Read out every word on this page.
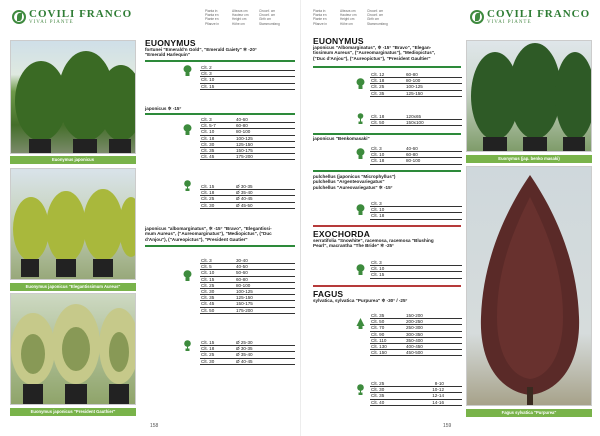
COVILI FRANCO
VIVAI PIANTE
Pianta in
Pianta en
Plante en
Pflanze in
Altezza cm
Hauteur cm
Height cm
Höhe cm
Circonf. cm
Circonf. cm
Girth cm
Stammumfang
Euonymus japonicus
Euonymus japonicus "Elegantissimum Aureus"
Euonymus japonicus "President Gauthier"
EUONYMUS
fortunei "Emerald'n Gold", "Emerald Gaiety" ✲ -20°
"Emerald Harlequin"
Clt. 2
Clt. 3
Clt. 10
Clt. 15
japonicus ✲ -15°
Clt. 3	40-60
Clt. 5-7	60-80
Clt. 10	80-100
Clt. 18	100-125
Clt. 30	125-150
Clt. 35	150-175
Clt. 45	175-200
Clt. 15	Ø 30-35
Clt. 18	Ø 35-40
Clt. 25	Ø 40-45
Clt. 30	Ø 45-50
japonicus "albomarginatus", ✲ -15° "Bravo", "Elegantissi-
mum Aureus", ("Aureomarginatus"), "Mediopictus", ("Duc
d'Anjou"), ("Aureopictus"), "President Gautier"
Clt. 3	30-40
Clt. 5	40-50
Clt. 10	50-60
Clt. 15	60-80
Clt. 25	80-100
Clt. 30	100-125
Clt. 35	125-150
Clt. 45	150-175
Clt. 50	175-200
Clt. 15	Ø 25-30
Clt. 18	Ø 30-35
Clt. 25	Ø 35-40
Clt. 30	Ø 40-45
158
Pianta in
Pianta en
Plante en
Pflanze in
Altezza cm
Hauteur cm
Height cm
Höhe cm
Circonf. cm
Circonf. cm
Girth cm
Stammumfang
COVILI FRANCO
VIVAI PIANTE
EUONYMUS
japonicus "Albomarginatus", ✲ -15° "Bravo", "Elegan-
tissimum Aureus", ("Aureomarginatus"), "Mediopictus",
("Duc d'Anjou"), ("Aureopictus"), "President Gaultier"
Clt. 12	60-80
Clt. 18	80-100
Clt. 25	100-125
Clt. 35	125-150
Clt. 18	120x65
Clt. 50	150x100
japonicus "Benkomasaki"
Clt. 3	40-60
Clt. 10	60-80
Clt. 18	80-100
pulchellus (japonicus "Microphyllus")
pulchellus "Argenteovariegatus"
pulchellus "Aureovariegatus" ✲ -15°
Clt. 3
Clt. 10
Clt. 18
EXOCHORDA
serratifolia "Snowhite", racemosa, racemosa "Blushing
Pearl", macrantha "The Bride" ✲ -25°
Clt. 3
Clt. 10
Clt. 15
FAGUS
sylvatica, sylvatica "Purpurea" ✲ -30° / -25°
Clt. 35	150-200
Clt. 50	200-250
Clt. 70	250-300
Clt. 90	300-350
Clt. 110	350-400
Clt. 130	400-450
Clt. 150	450-500
Clt. 25	8-10
Clt. 30	10-12
Clt. 35	12-14
Clt. 40	14-16
159
Euonymus (jap. benko masaki)
Fagus sylvatica "Purpurea"
